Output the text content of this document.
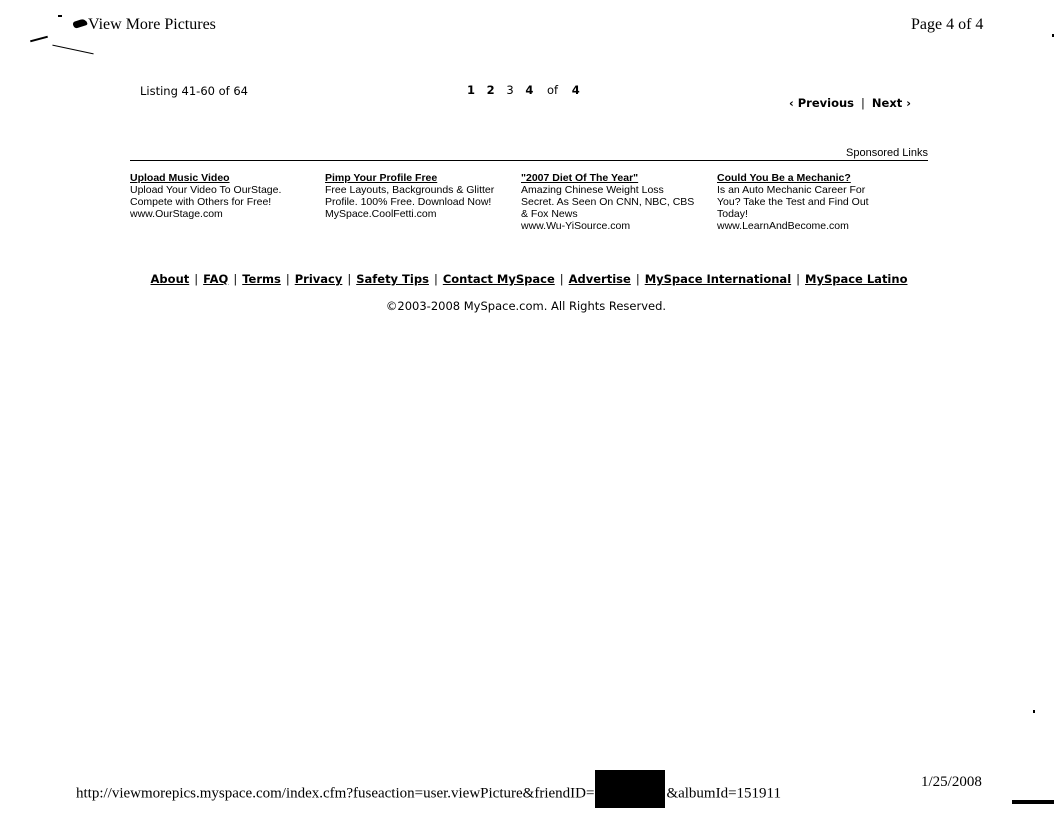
View More Pictures	Page 4 of 4
Listing 41-60 of 64	1 2 3 4 of 4
‹ Previous | Next ›
Sponsored Links
Upload Music Video
Upload Your Video To OurStage.
Compete with Others for Free!
www.OurStage.com
Pimp Your Profile Free
Free Layouts, Backgrounds & Glitter
Profile. 100% Free. Download Now!
MySpace.CoolFetti.com
"2007 Diet Of The Year"
Amazing Chinese Weight Loss
Secret. As Seen On CNN, NBC, CBS
& Fox News
www.Wu-YiSource.com
Could You Be a Mechanic?
Is an Auto Mechanic Career For
You? Take the Test and Find Out
Today!
www.LearnAndBecome.com
About | FAQ | Terms | Privacy | Safety Tips | Contact MySpace | Advertise | MySpace International | MySpace Latino
©2003-2008 MySpace.com. All Rights Reserved.
http://viewmorepics.myspace.com/index.cfm?fuseaction=user.viewPicture&friendID=	&albumId=151911
1/25/2008
